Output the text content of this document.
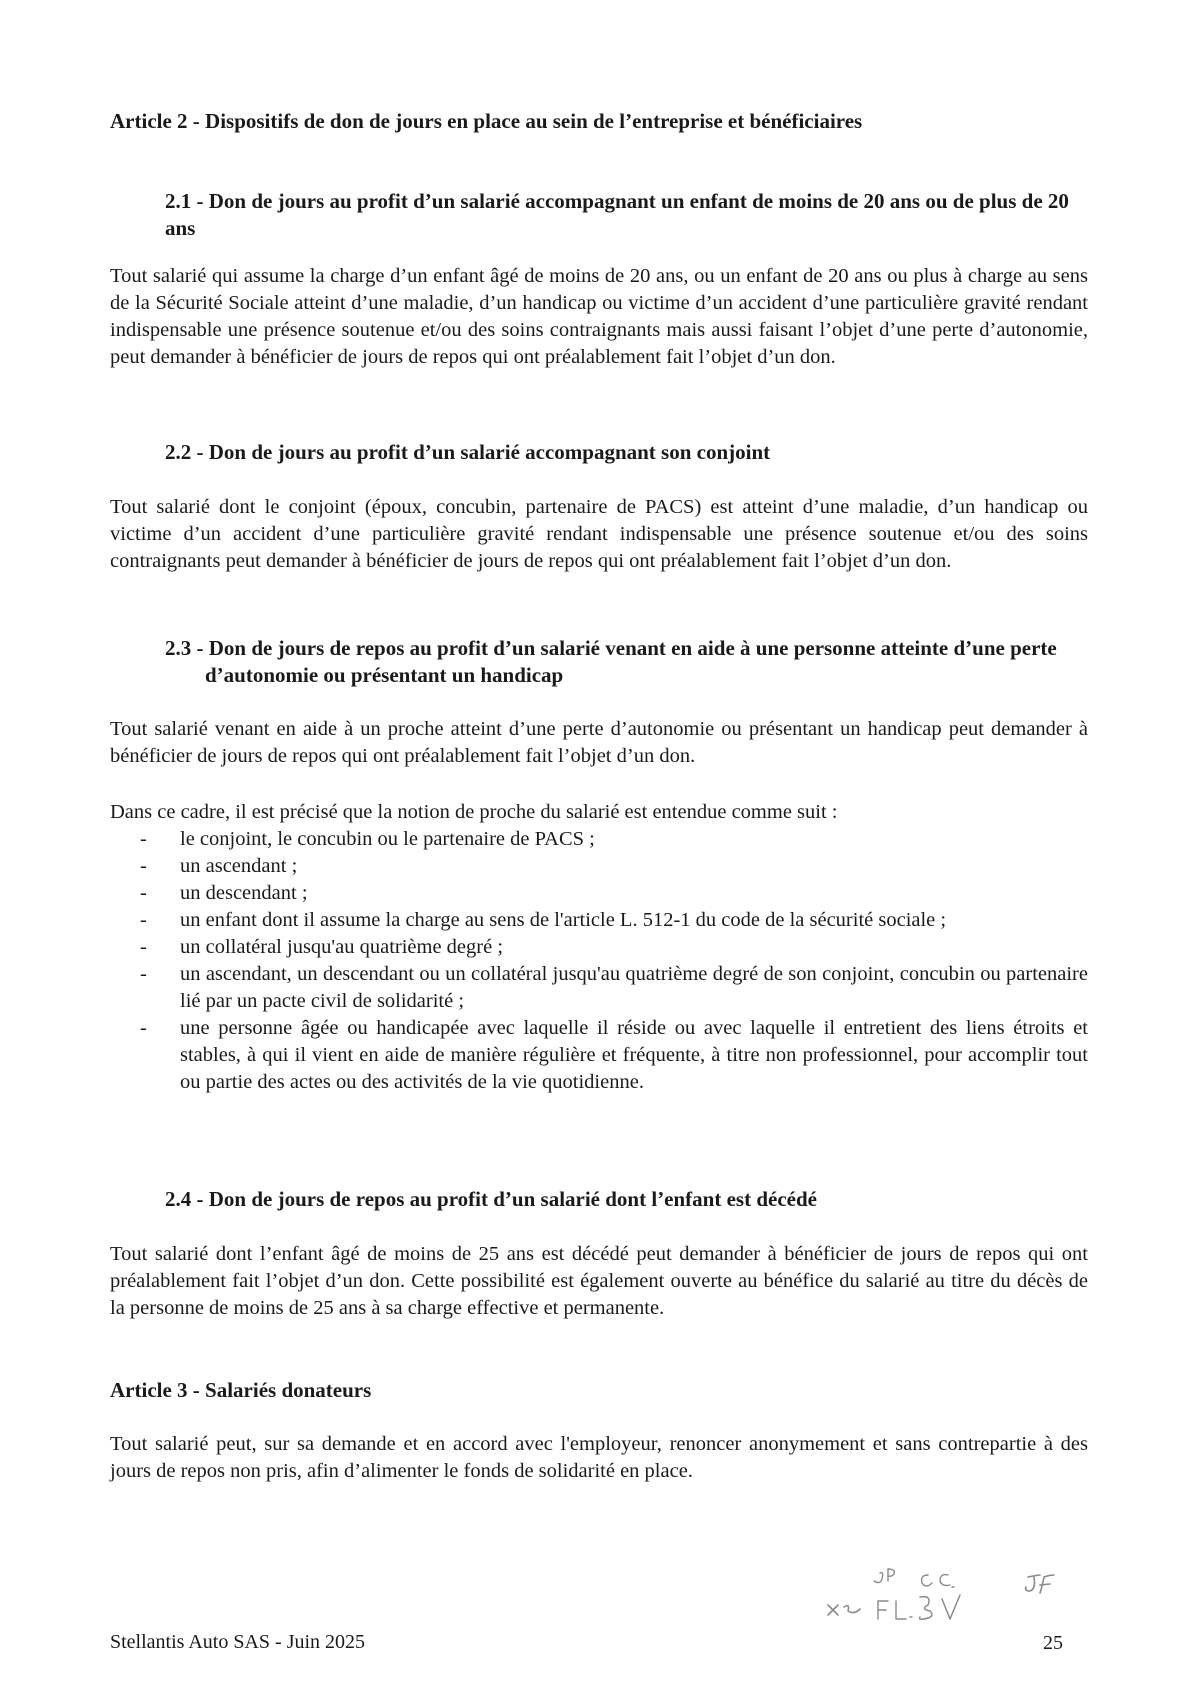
Article 2 - Dispositifs de don de jours en place au sein de l’entreprise et bénéficiaires
2.1 - Don de jours au profit d’un salarié accompagnant un enfant de moins de 20 ans ou de plus de 20 ans
Tout salarié qui assume la charge d’un enfant âgé de moins de 20 ans, ou un enfant de 20 ans ou plus à charge au sens de la Sécurité Sociale atteint d’une maladie, d’un handicap ou victime d’un accident d’une particulière gravité rendant indispensable une présence soutenue et/ou des soins contraignants mais aussi faisant l’objet d’une perte d’autonomie, peut demander à bénéficier de jours de repos qui ont préalablement fait l’objet d’un don.
2.2 - Don de jours au profit d’un salarié accompagnant son conjoint
Tout salarié dont le conjoint (époux, concubin, partenaire de PACS) est atteint d’une maladie, d’un handicap ou victime d’un accident d’une particulière gravité rendant indispensable une présence soutenue et/ou des soins contraignants peut demander à bénéficier de jours de repos qui ont préalablement fait l’objet d’un don.
2.3 - Don de jours de repos au profit d’un salarié venant en aide à une personne atteinte d’une perte d’autonomie ou présentant un handicap
Tout salarié venant en aide à un proche atteint d’une perte d’autonomie ou présentant un handicap peut demander à bénéficier de jours de repos qui ont préalablement fait l’objet d’un don.
Dans ce cadre, il est précisé que la notion de proche du salarié est entendue comme suit :
- le conjoint, le concubin ou le partenaire de PACS ;
- un ascendant ;
- un descendant ;
- un enfant dont il assume la charge au sens de l'article L. 512-1 du code de la sécurité sociale ;
- un collatéral jusqu'au quatrième degré ;
- un ascendant, un descendant ou un collatéral jusqu'au quatrième degré de son conjoint, concubin ou partenaire lié par un pacte civil de solidarité ;
- une personne âgée ou handicapée avec laquelle il réside ou avec laquelle il entretient des liens étroits et stables, à qui il vient en aide de manière régulière et fréquente, à titre non professionnel, pour accomplir tout ou partie des actes ou des activités de la vie quotidienne.
2.4 - Don de jours de repos au profit d’un salarié dont l’enfant est décédé
Tout salarié dont l’enfant âgé de moins de 25 ans est décédé peut demander à bénéficier de jours de repos qui ont préalablement fait l’objet d’un don. Cette possibilité est également ouverte au bénéfice du salarié au titre du décès de la personne de moins de 25 ans à sa charge effective et permanente.
Article 3 - Salariés donateurs
Tout salarié peut, sur sa demande et en accord avec l'employeur, renoncer anonymement et sans contrepartie à des jours de repos non pris, afin d’alimenter le fonds de solidarité en place.
Stellantis Auto SAS - Juin 2025	25
